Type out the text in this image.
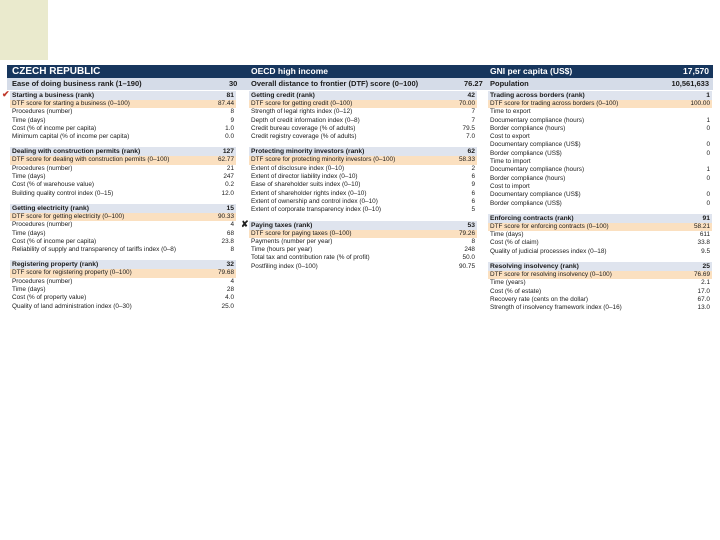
CZECH REPUBLIC	OECD high income	GNI per capita (US$)	17,570
Ease of doing business rank (1–190)	30 Overall distance to frontier (DTF) score (0–100)	76.27 Population	10,561,633
✔ Starting a business (rank)	81
DTF score for starting a business (0–100)	87.44
Procedures (number)	8
Time (days)	9
Cost (% of income per capita)	1.0
Minimum capital (% of income per capita)	0.0
Dealing with construction permits (rank)	127
DTF score for dealing with construction permits (0–100)	62.77
Procedures (number)	21
Time (days)	247
Cost (% of warehouse value)	0.2
Building quality control index (0–15)	12.0
Getting electricity (rank)	15
DTF score for getting electricity (0–100)	90.33
Procedures (number)	4
Time (days)	68
Cost (% of income per capita)	23.8
Reliability of supply and transparency of tariffs index (0–8)	8
Registering property (rank)	32
DTF score for registering property (0–100)	79.68
Procedures (number)	4
Time (days)	28
Cost (% of property value)	4.0
Quality of land administration index (0–30)	25.0
Getting credit (rank)	42
DTF score for getting credit (0–100)	70.00
Strength of legal rights index (0–12)	7
Depth of credit information index (0–8)	7
Credit bureau coverage (% of adults)	79.5
Credit registry coverage (% of adults)	7.0
Protecting minority investors (rank)	62
DTF score for protecting minority investors (0–100)	58.33
Extent of disclosure index (0–10)	2
Extent of director liability index (0–10)	6
Ease of shareholder suits index (0–10)	9
Extent of shareholder rights index (0–10)	6
Extent of ownership and control index (0–10)	6
Extent of corporate transparency index (0–10)	5
✘ Paying taxes (rank)	53
DTF score for paying taxes (0–100)	79.26
Payments (number per year)	8
Time (hours per year)	248
Total tax and contribution rate (% of profit)	50.0
Postfiling index (0–100)	90.75
Trading across borders (rank)	1
DTF score for trading across borders (0–100)	100.00
Time to export
Documentary compliance (hours)	1
Border compliance (hours)	0
Cost to export
Documentary compliance (US$)	0
Border compliance (US$)	0
Time to import
Documentary compliance (hours)	1
Border compliance (hours)	0
Cost to import
Documentary compliance (US$)	0
Border compliance (US$)	0
Enforcing contracts (rank)	91
DTF score for enforcing contracts (0–100)	58.21
Time (days)	611
Cost (% of claim)	33.8
Quality of judicial processes index (0–18)	9.5
Resolving insolvency (rank)	25
DTF score for resolving insolvency (0–100)	76.69
Time (years)	2.1
Cost (% of estate)	17.0
Recovery rate (cents on the dollar)	67.0
Strength of insolvency framework index (0–16)	13.0
